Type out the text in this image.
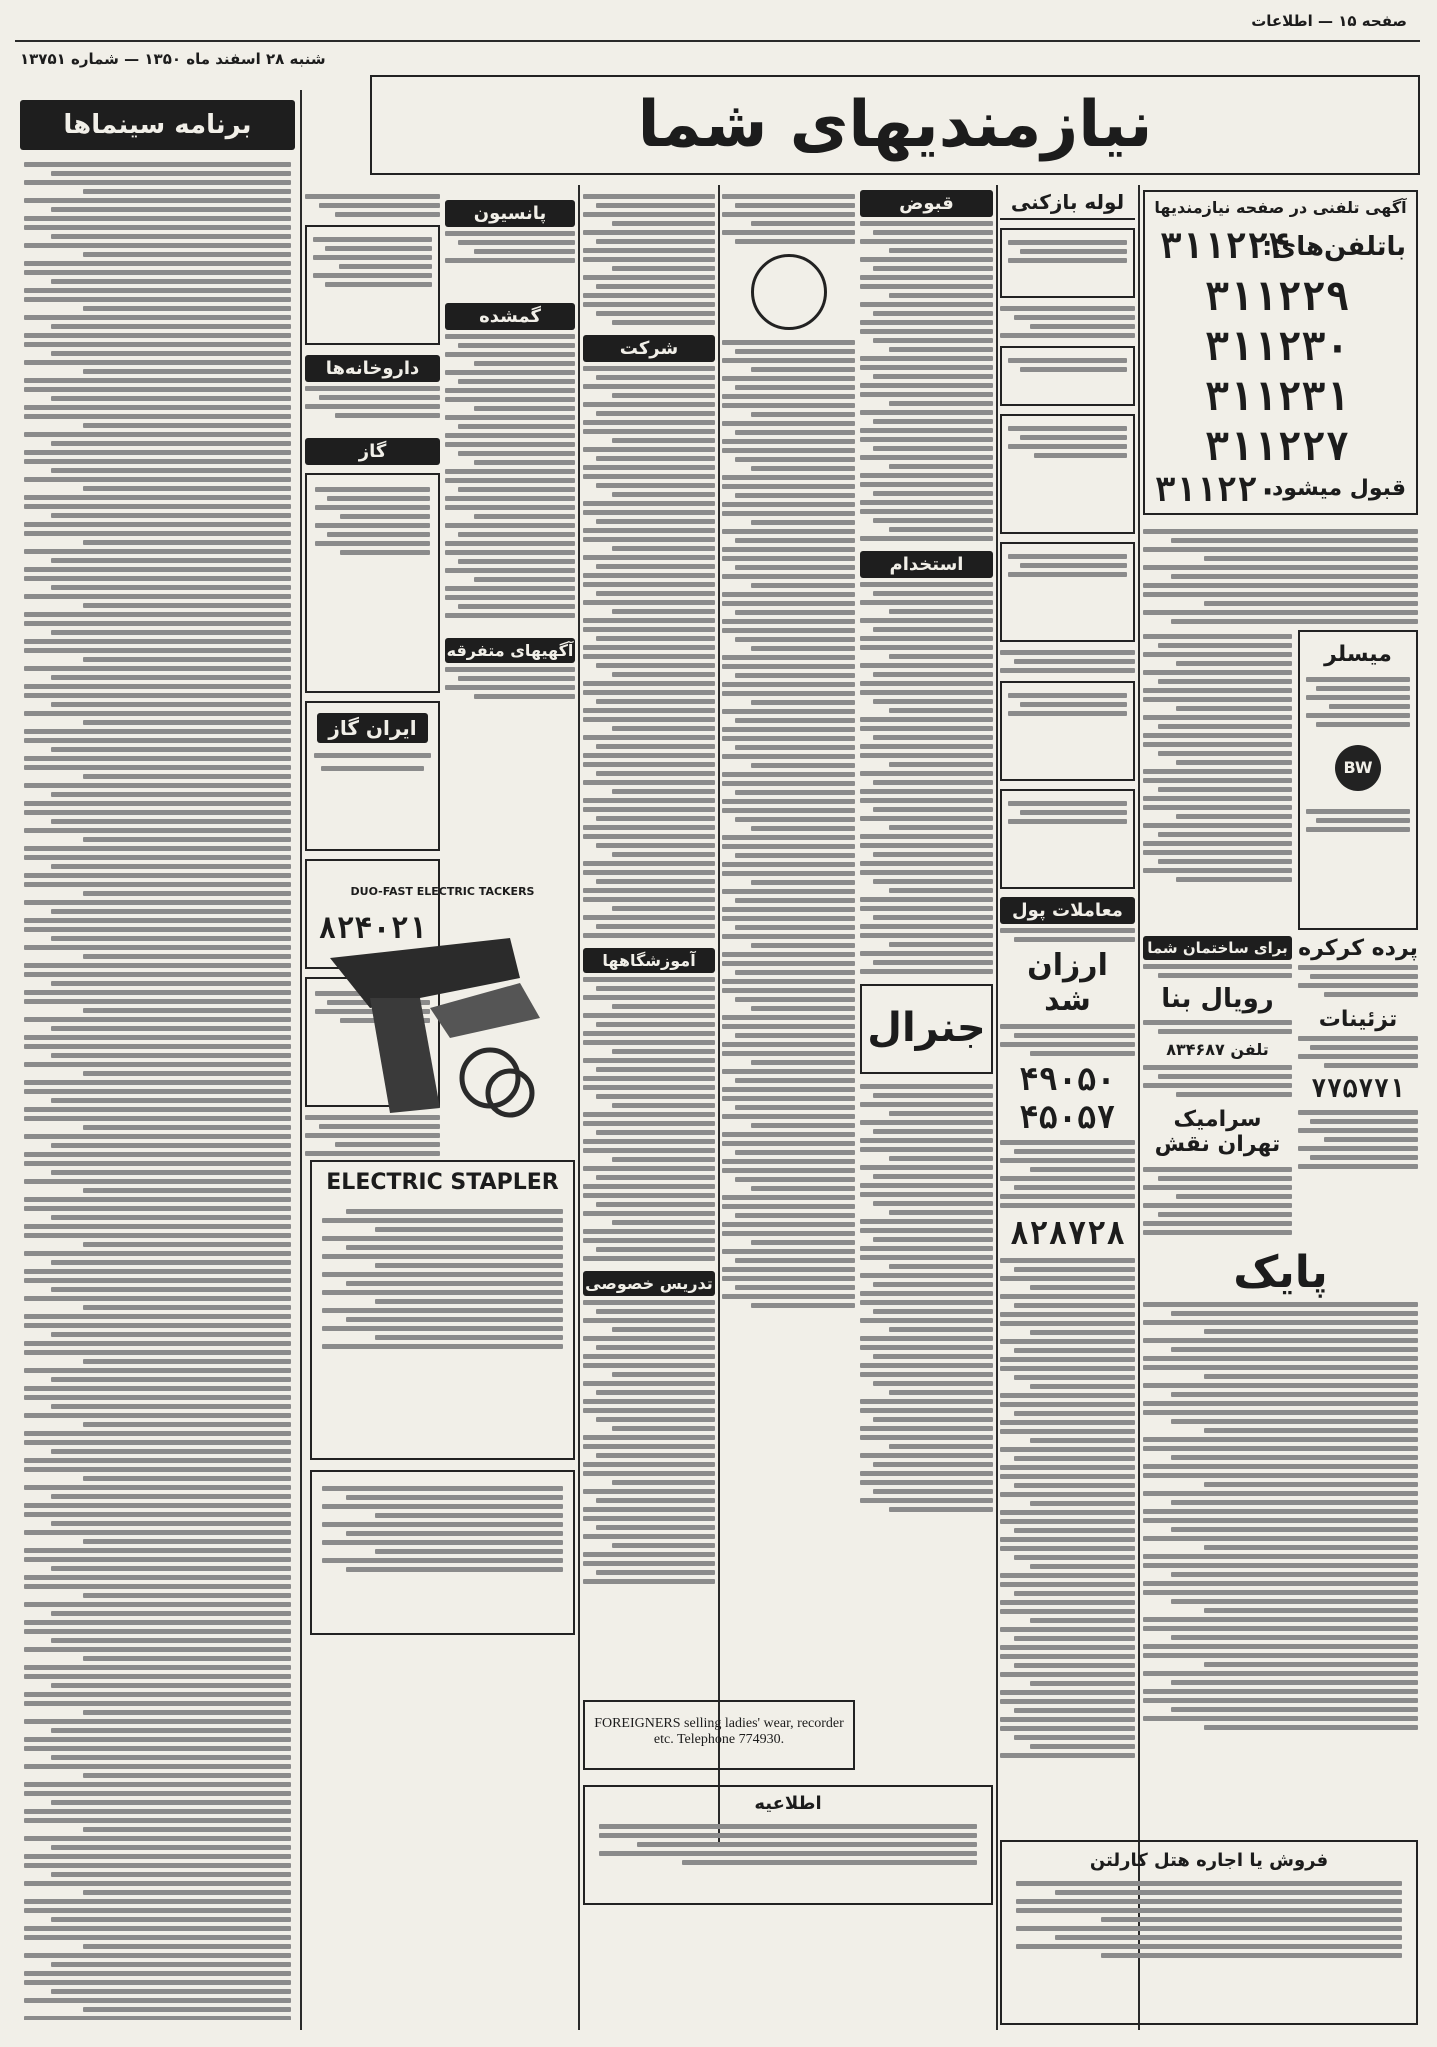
صفحه ۱۵ — اطلاعات
شنبه ۲۸ اسفند ماه ۱۳۵۰ — شماره ۱۳۷۵۱
نیازمندیهای شما
برنامه سینماها
داروخانه‌ها
گاز
ایران گاز
۸۲۴۰۲۱
پانسیون
گمشده
آگهیهای متفرقه
DUO-FAST ELECTRIC TACKERS
ELECTRIC STAPLER
شرکت
آموزشگاهها
تدریس خصوصی
FOREIGNERS selling ladies' wear, recorder etc. Telephone 774930.
اطلاعیه
قبوض
استخدام
جنرال
لوله بازکنی
معاملات پول
ارزان شد
۴۹۰۵۰
۴۵۰۵۷
۸۲۸۷۲۸
آگهی تلفنی در صفحه نیازمندیها
باتلفن‌های:
۳۱۱۲۲۴
۳۱۱۲۲۹
۳۱۱۲۳۰
۳۱۱۲۳۱
۳۱۱۲۲۷
۳۱۱۲۲۰
قبول میشود
میسلر
BW
پرده کرکره
تزئینات
۷۷۵۷۷۱
برای ساختمان شما
رویال بنا
تلفن ۸۳۴۶۸۷
سرامیک تهران نقش
پایک
فروش یا اجاره هتل کارلتن
